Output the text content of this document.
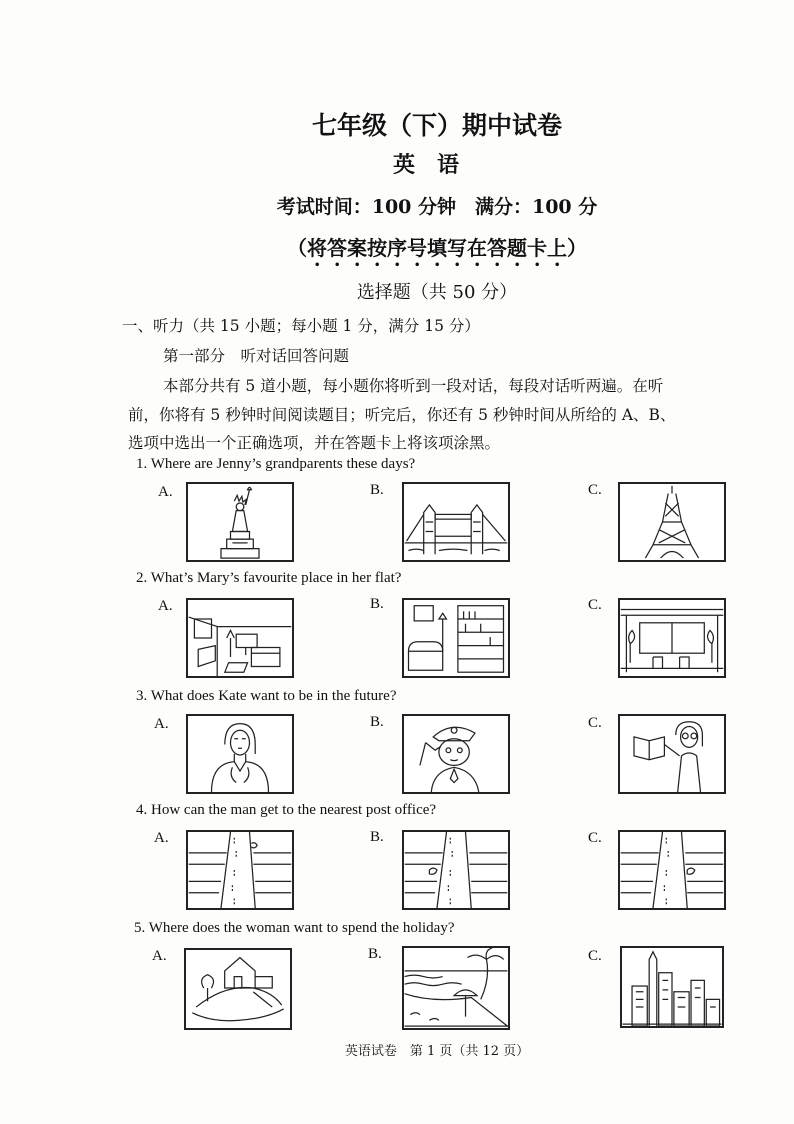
七年级（下）期中试卷
英语
考试时间：100 分钟　满分：100 分
（将答案按序号填写在答题卡上）
选择题（共 50 分）
一、听力（共 15 小题；每小题 1 分，满分 15 分）
第一部分　听对话回答问题
本部分共有 5 道小题，每小题你将听到一段对话，每段对话听两遍。在听
前，你将有 5 秒钟时间阅读题目；听完后，你还有 5 秒钟时间从所给的 A、B、
选项中选出一个正确选项，并在答题卡上将该项涂黑。
1. Where are Jenny’s grandparents these days?
A.	B.	C.
2. What’s Mary’s favourite place in her flat?
A.	B.	C.
3. What does Kate want to be in the future?
A.	B.	C.
4. How can the man get to the nearest post office?
A.	B.	C.
5. Where does the woman want to spend the holiday?
A.	B.	C.
英语试卷　第 1 页（共 12 页）
